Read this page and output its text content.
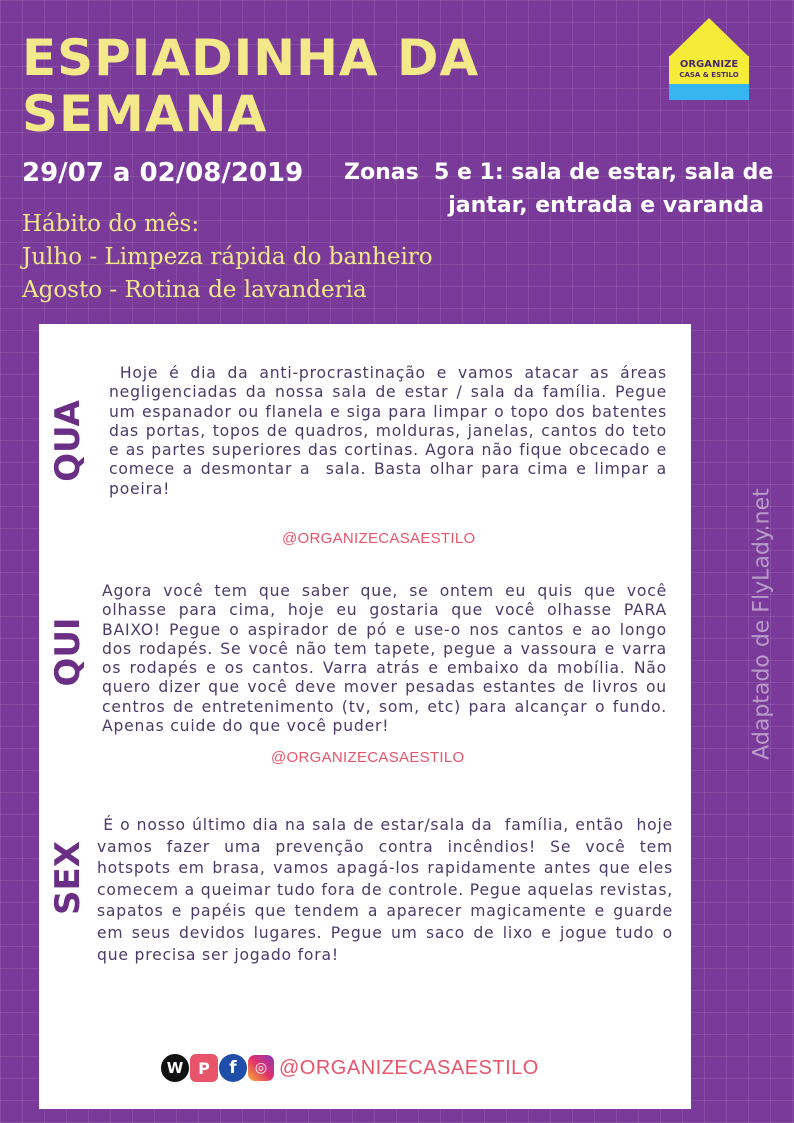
ESPIADINHA DA
SEMANA
ORGANIZE
CASA & ESTILO
29/07 a 02/08/2019 Zonas  5 e 1: sala de estar, sala de
jantar, entrada e varanda
Hábito do mês:
Julho - Limpeza rápida do banheiro
Agosto - Rotina de lavanderia
Adaptado de FlyLady.net
QUA

Hoje é dia da anti-procrastinação e vamos atacar as áreas negligenciadas da nossa sala de estar / sala da família. Pegue um espanador ou flanela e siga para limpar o topo dos batentes das portas, topos de quadros, molduras, janelas, cantos do teto e as partes superiores das cortinas. Agora não fique obcecado e comece a desmontar a  sala. Basta olhar para cima e limpar a poeira!

@ORGANIZECASAESTILO
QUI

Agora você tem que saber que, se ontem eu quis que você olhasse para cima, hoje eu gostaria que você olhasse PARA BAIXO! Pegue o aspirador de pó e use-o nos cantos e ao longo dos rodapés. Se você não tem tapete, pegue a vassoura e varra os rodapés e os cantos. Varra atrás e embaixo da mobília. Não quero dizer que você deve mover pesadas estantes de livros ou centros de entretenimento (tv, som, etc) para alcançar o fundo. Apenas cuide do que você puder!

@ORGANIZECASAESTILO
SEX

É o nosso último dia na sala de estar/sala da  família, então  hoje  vamos fazer uma prevenção contra incêndios! Se você tem hotspots em brasa, vamos apagá-los rapidamente antes que eles comecem a queimar tudo fora de controle. Pegue aquelas revistas, sapatos e papéis que tendem a aparecer magicamente e guarde em seus devidos lugares. Pegue um saco de lixo e jogue tudo o que precisa ser jogado fora!

W P	f	◎ @ORGANIZECASAESTILO
